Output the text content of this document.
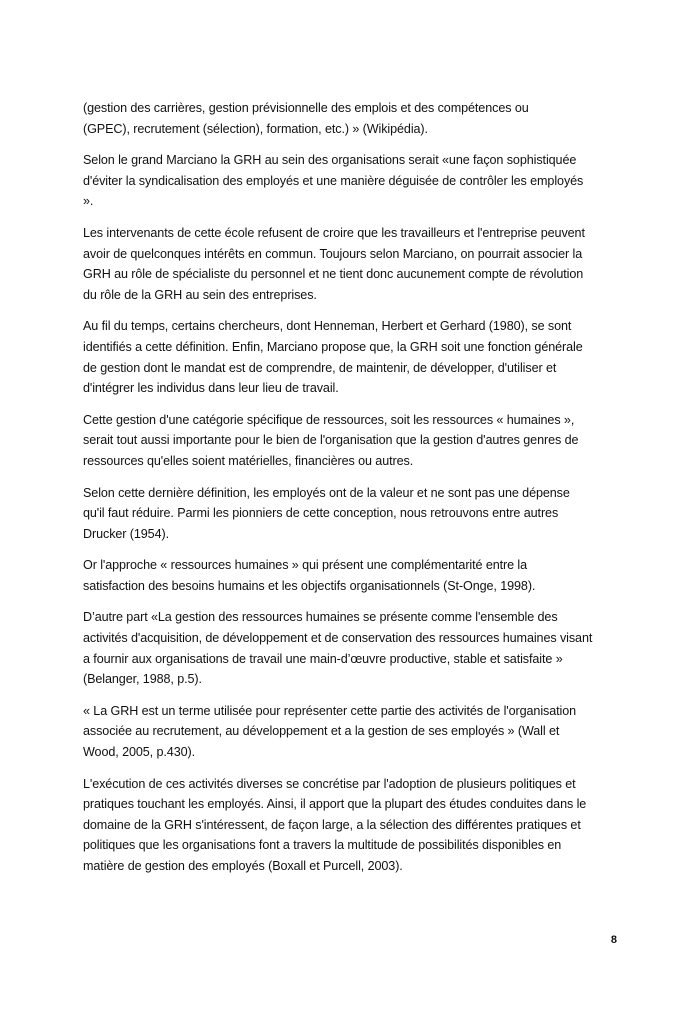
(gestion des carrières, gestion prévisionnelle des emplois et des compétences ou
(GPEC), recrutement (sélection), formation, etc.) » (Wikipédia).

Selon le grand Marciano la GRH au sein des organisations serait «une façon sophistiquée
d'éviter la syndicalisation des employés et une manière déguisée de contrôler les employés
».

Les intervenants de cette école refusent de croire que les travailleurs et l'entreprise peuvent
avoir de quelconques intérêts en commun. Toujours selon Marciano, on pourrait associer la
GRH au rôle de spécialiste du personnel et ne tient donc aucunement compte de révolution
du rôle de la GRH au sein des entreprises.

Au fil du temps, certains chercheurs, dont Henneman, Herbert et Gerhard (1980), se sont
identifiés a cette définition. Enfin, Marciano propose que, la GRH soit une fonction générale
de gestion dont le mandat est de comprendre, de maintenir, de développer, d'utiliser et
d'intégrer les individus dans leur lieu de travail.

Cette gestion d'une catégorie spécifique de ressources, soit les ressources « humaines »,
serait tout aussi importante pour le bien de l'organisation que la gestion d'autres genres de
ressources qu'elles soient matérielles, financières ou autres.

Selon cette dernière définition, les employés ont de la valeur et ne sont pas une dépense
qu'il faut réduire. Parmi les pionniers de cette conception, nous retrouvons entre autres
Drucker (1954).

Or l'approche « ressources humaines » qui présent une complémentarité entre la
satisfaction des besoins humains et les objectifs organisationnels (St-Onge, 1998).

D’autre part «La gestion des ressources humaines se présente comme l'ensemble des
activités d'acquisition, de développement et de conservation des ressources humaines visant
a fournir aux organisations de travail une main-d’œuvre productive, stable et satisfaite »
(Belanger, 1988, p.5).

« La GRH est un terme utilisée pour représenter cette partie des activités de l'organisation
associée au recrutement, au développement et a la gestion de ses employés » (Wall et
Wood, 2005, p.430).

L'exécution de ces activités diverses se concrétise par l'adoption de plusieurs politiques et
pratiques touchant les employés. Ainsi, il apport que la plupart des études conduites dans le
domaine de la GRH s'intéressent, de façon large, a la sélection des différentes pratiques et
politiques que les organisations font a travers la multitude de possibilités disponibles en
matière de gestion des employés (Boxall et Purcell, 2003).

8
